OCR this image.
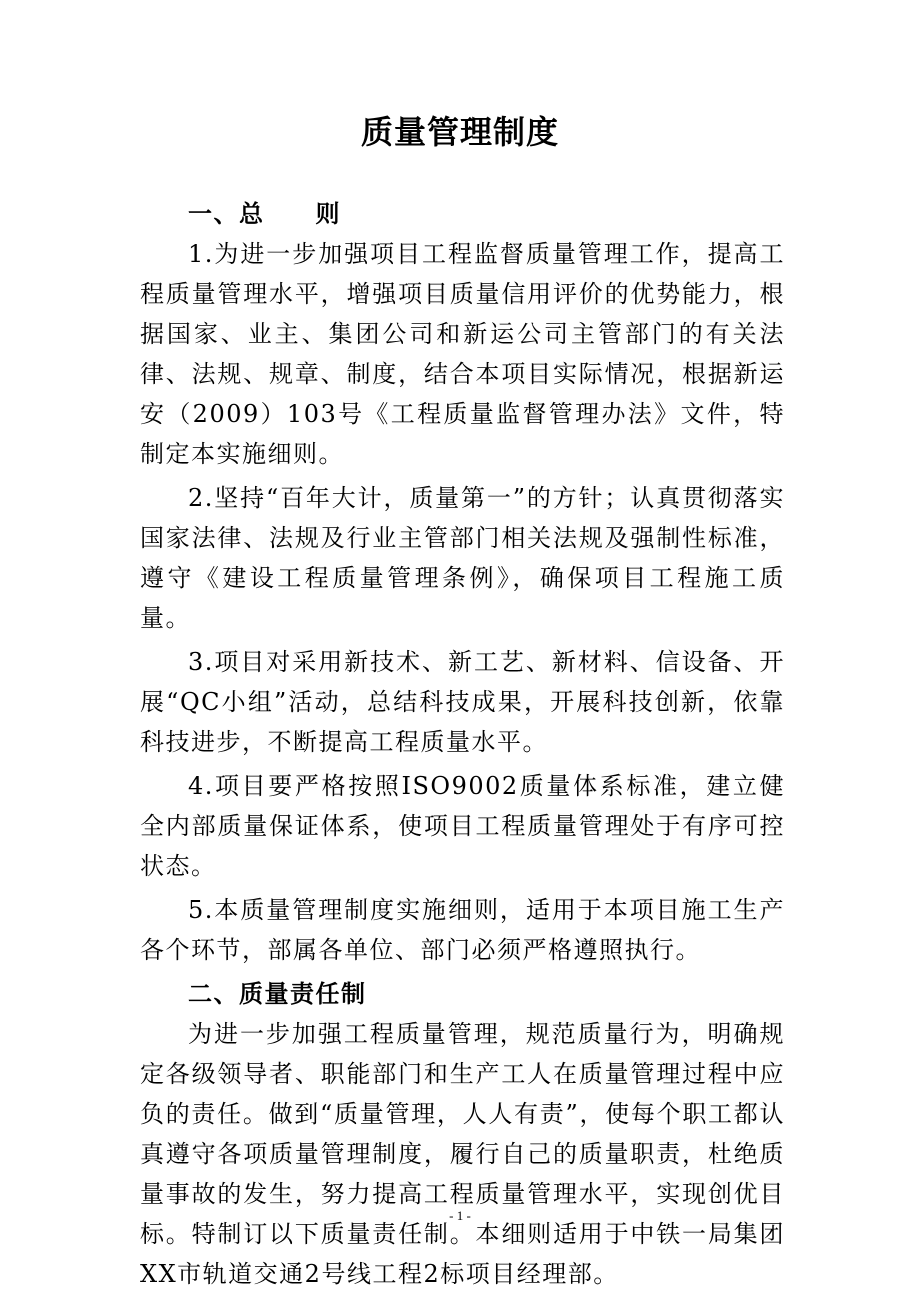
质量管理制度
一、总　　则

1.为进一步加强项目工程监督质量管理工作，提高工程质量管理水平，增强项目质量信用评价的优势能力，根据国家、业主、集团公司和新运公司主管部门的有关法律、法规、规章、制度，结合本项目实际情况，根据新运安（2009）103号《工程质量监督管理办法》文件，特制定本实施细则。

2.坚持“百年大计，质量第一”的方针；认真贯彻落实国家法律、法规及行业主管部门相关法规及强制性标准，遵守《建设工程质量管理条例》，确保项目工程施工质量。

3.项目对采用新技术、新工艺、新材料、信设备、开展“QC小组”活动，总结科技成果，开展科技创新，依靠科技进步，不断提高工程质量水平。

4.项目要严格按照ISO9002质量体系标准，建立健全内部质量保证体系，使项目工程质量管理处于有序可控状态。

5.本质量管理制度实施细则，适用于本项目施工生产各个环节，部属各单位、部门必须严格遵照执行。

二、质量责任制

为进一步加强工程质量管理，规范质量行为，明确规定各级领导者、职能部门和生产工人在质量管理过程中应负的责任。做到“质量管理，人人有责”，使每个职工都认真遵守各项质量管理制度，履行自己的质量职责，杜绝质量事故的发生，努力提高工程质量管理水平，实现创优目标。特制订以下质量责任制。本细则适用于中铁一局集团XX市轨道交通2号线工程2标项目经理部。

- 1 -
